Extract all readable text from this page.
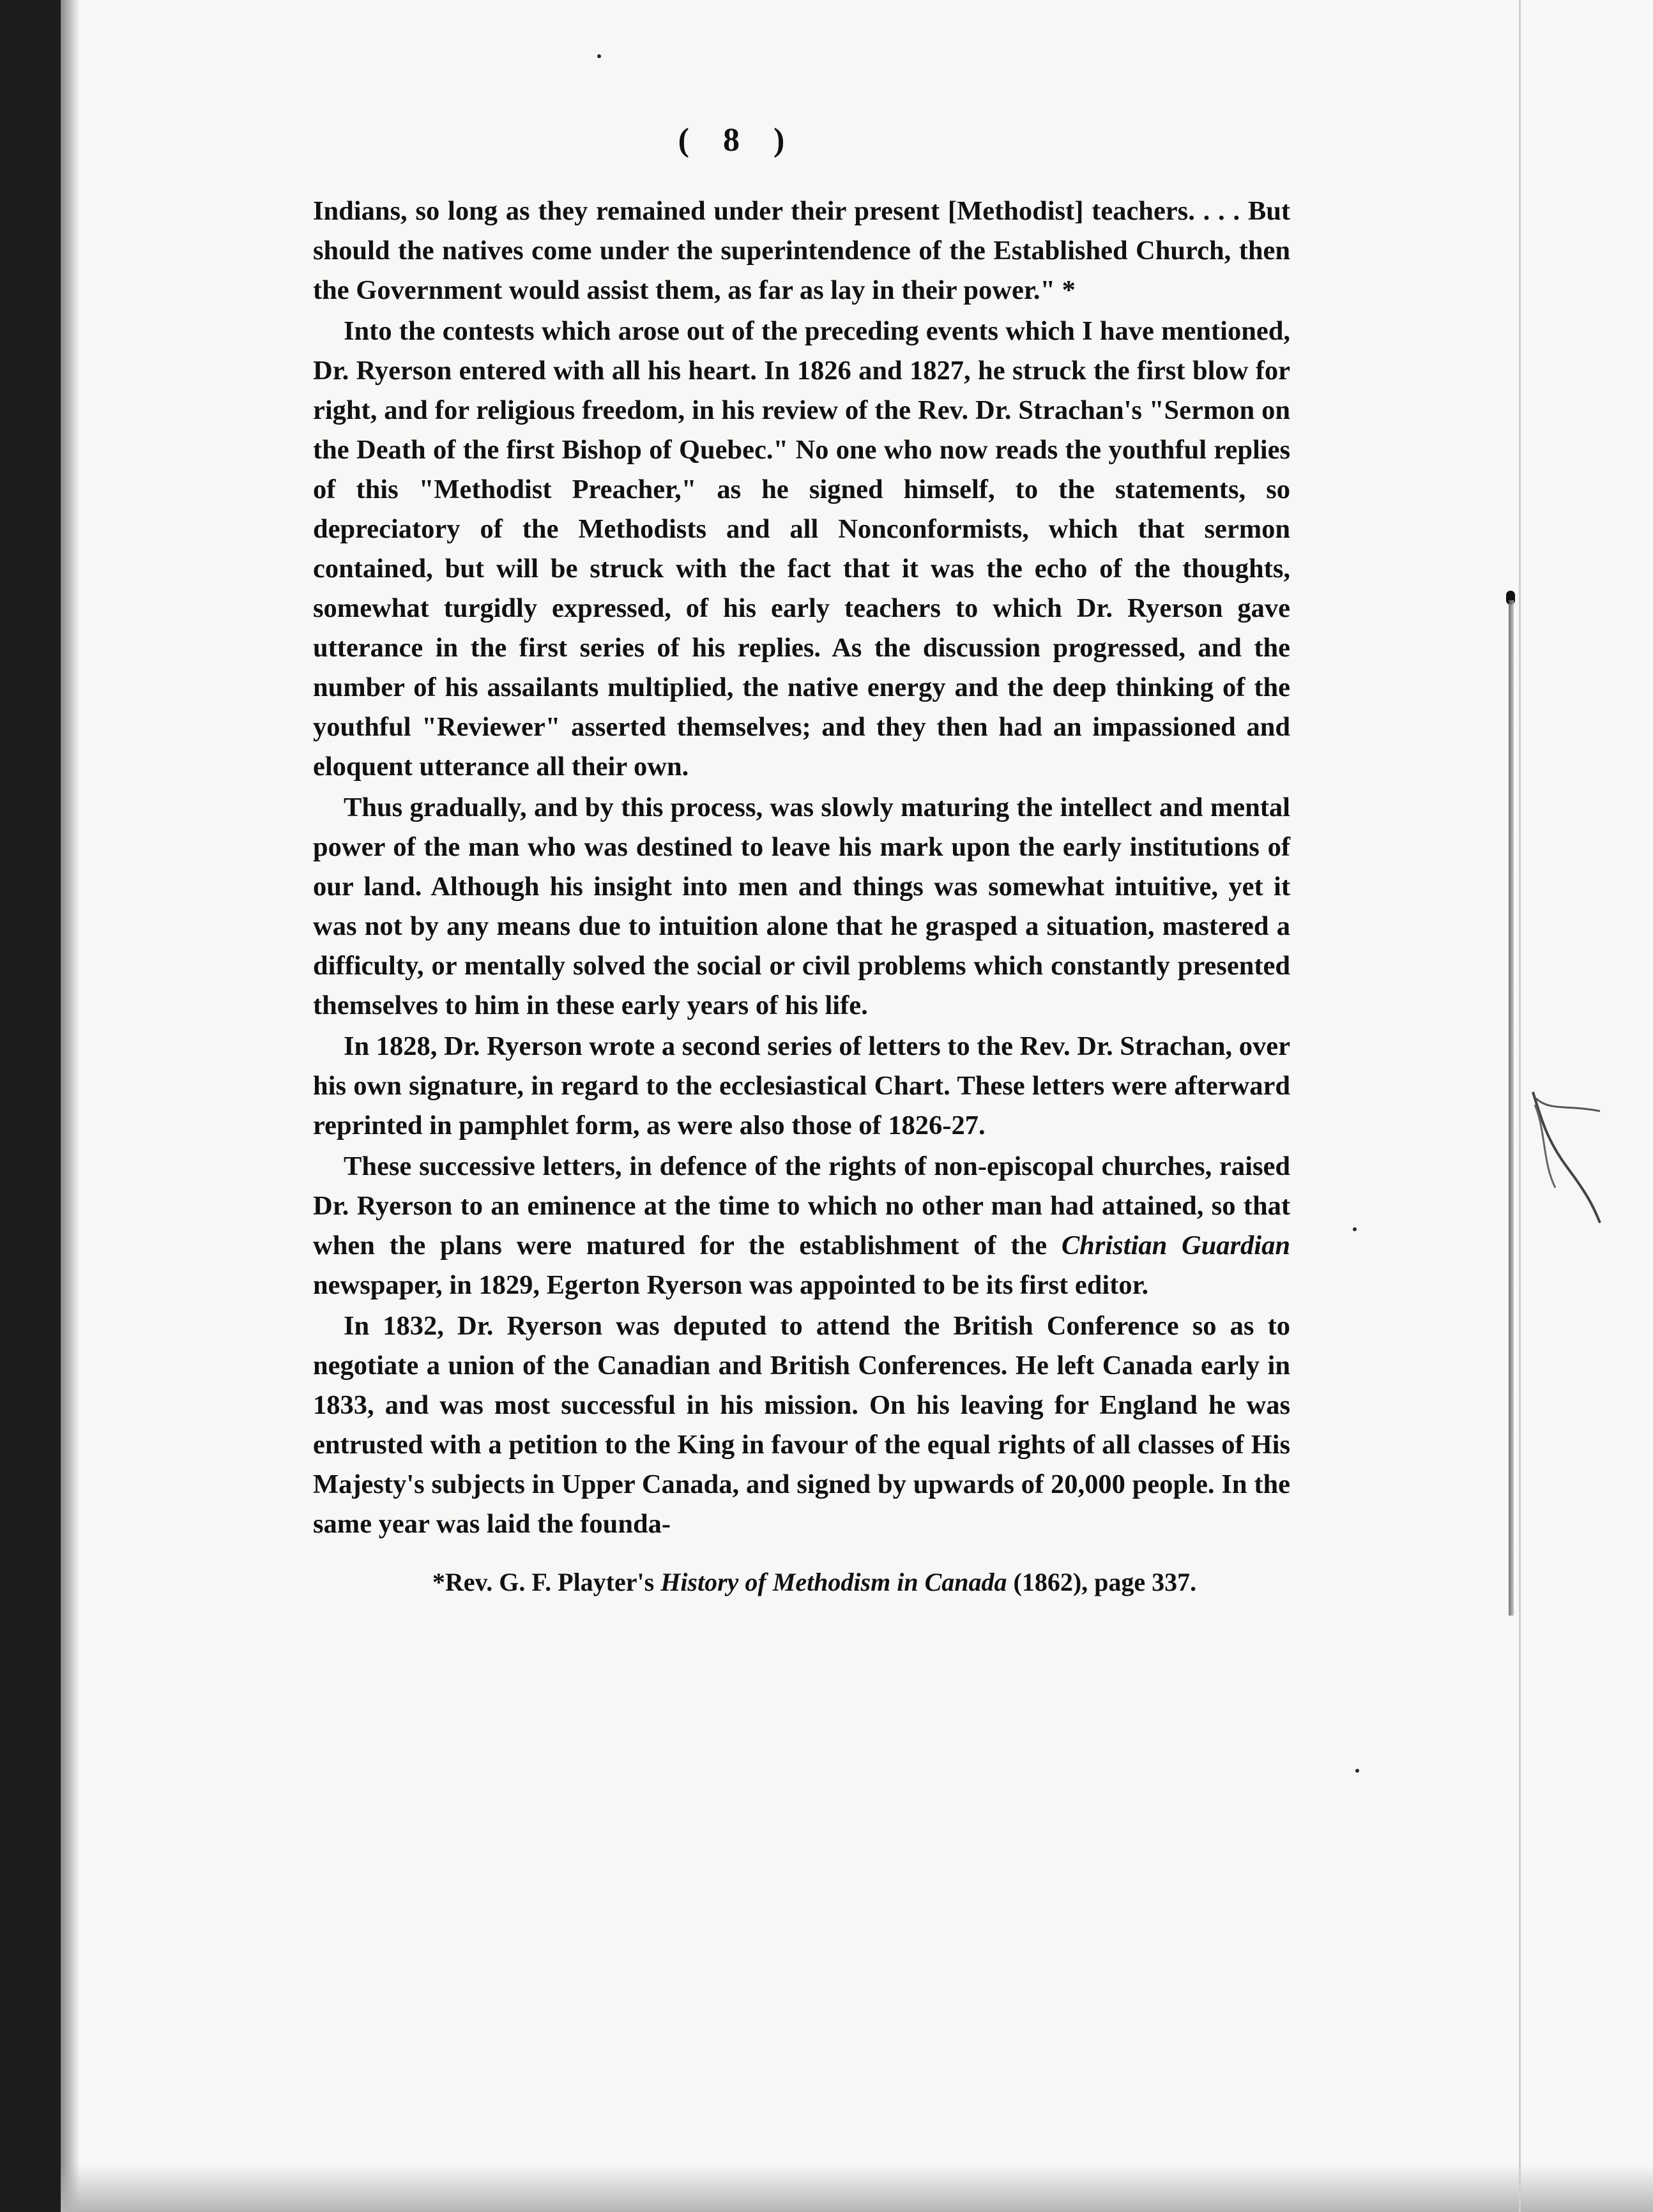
( 8 )

Indians, so long as they remained under their present [Methodist] teachers. . . . But should the natives come under the superintendence of the Established Church, then the Government would assist them, as far as lay in their power." *

Into the contests which arose out of the preceding events which I have mentioned, Dr. Ryerson entered with all his heart. In 1826 and 1827, he struck the first blow for right, and for religious freedom, in his review of the Rev. Dr. Strachan's "Sermon on the Death of the first Bishop of Quebec." No one who now reads the youthful replies of this "Methodist Preacher," as he signed himself, to the statements, so depreciatory of the Methodists and all Nonconformists, which that sermon contained, but will be struck with the fact that it was the echo of the thoughts, somewhat turgidly expressed, of his early teachers to which Dr. Ryerson gave utterance in the first series of his replies. As the discussion progressed, and the number of his assailants multiplied, the native energy and the deep thinking of the youthful "Reviewer" asserted themselves; and they then had an impassioned and eloquent utterance all their own.

Thus gradually, and by this process, was slowly maturing the intellect and mental power of the man who was destined to leave his mark upon the early institutions of our land. Although his insight into men and things was somewhat intuitive, yet it was not by any means due to intuition alone that he grasped a situation, mastered a difficulty, or mentally solved the social or civil problems which constantly presented themselves to him in these early years of his life.

In 1828, Dr. Ryerson wrote a second series of letters to the Rev. Dr. Strachan, over his own signature, in regard to the ecclesiastical Chart. These letters were afterward reprinted in pamphlet form, as were also those of 1826-27.

These successive letters, in defence of the rights of non-episcopal churches, raised Dr. Ryerson to an eminence at the time to which no other man had attained, so that when the plans were matured for the establishment of the Christian Guardian newspaper, in 1829, Egerton Ryerson was appointed to be its first editor.

In 1832, Dr. Ryerson was deputed to attend the British Conference so as to negotiate a union of the Canadian and British Conferences. He left Canada early in 1833, and was most successful in his mission. On his leaving for England he was entrusted with a petition to the King in favour of the equal rights of all classes of His Majesty's subjects in Upper Canada, and signed by upwards of 20,000 people. In the same year was laid the founda-

*Rev. G. F. Playter's History of Methodism in Canada (1862), page 337.
